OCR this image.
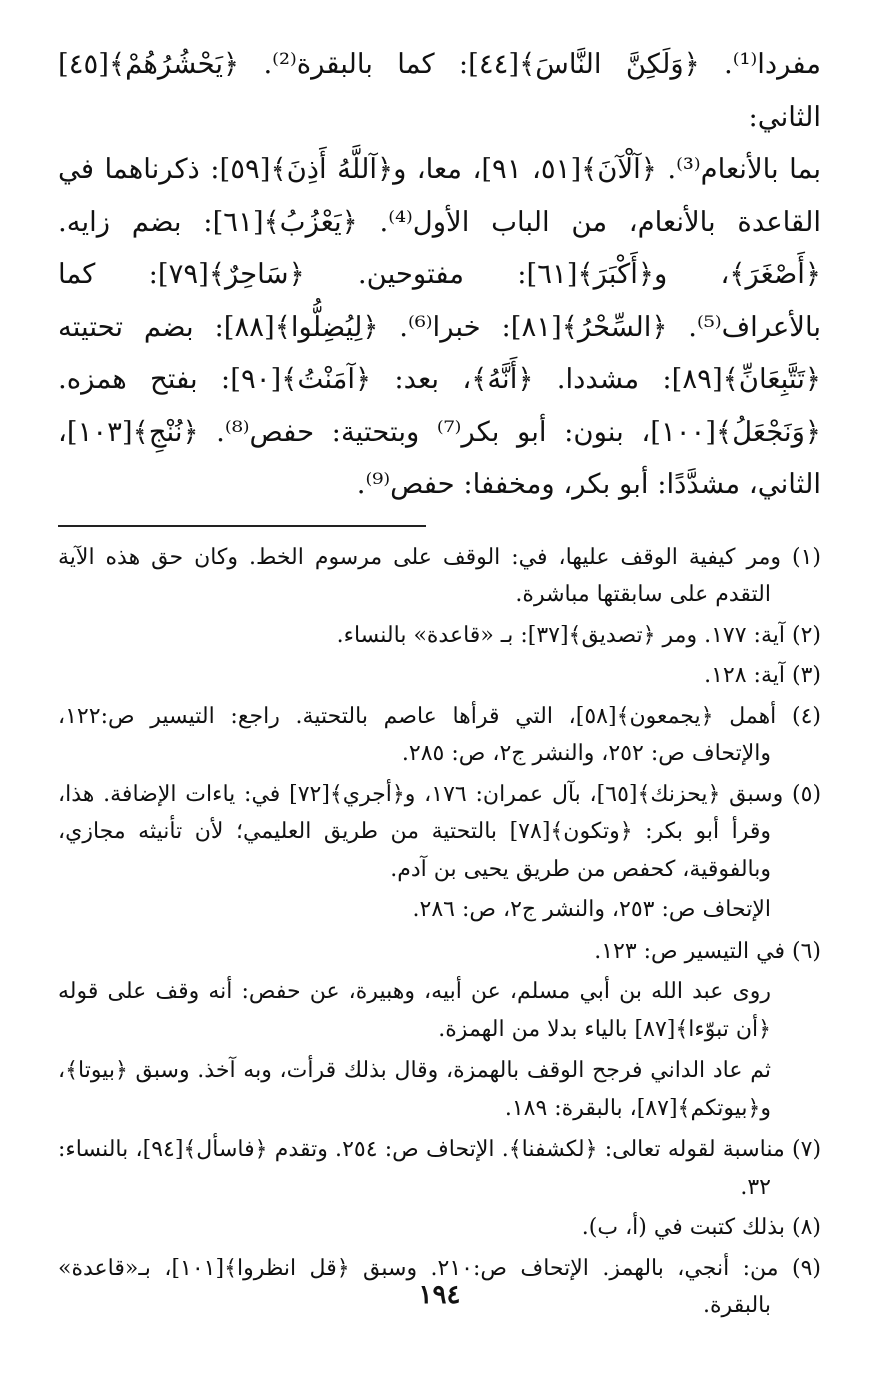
مفردا⁽¹⁾. ﴿وَلَكِنَّ النَّاسَ﴾[٤٤]: كما بالبقرة⁽²⁾. ﴿يَحْشُرُهُمْ﴾[٤٥] الثاني:

بما بالأنعام⁽³⁾. ﴿آلْآنَ﴾[٥١، ٩١]، معا، و﴿آللَّهُ أَذِنَ﴾[٥٩]: ذكرناهما في

القاعدة بالأنعام، من الباب الأول⁽⁴⁾. ﴿يَعْزُبُ﴾[٦١]: بضم زايه.

﴿أَصْغَرَ﴾، و﴿أَكْبَرَ﴾[٦١]: مفتوحين. ﴿سَاحِرٌ﴾[٧٩]: كما

بالأعراف⁽⁵⁾. ﴿السِّحْرُ﴾[٨١]: خبرا⁽⁶⁾. ﴿لِيُضِلُّوا﴾[٨٨]: بضم تحتيته

﴿تَتَّبِعَانِّ﴾[٨٩]: مشددا. ﴿أَنَّهُ﴾، بعد: ﴿آمَنْتُ﴾[٩٠]: بفتح همزه.

﴿وَنَجْعَلُ﴾[١٠٠]، بنون: أبو بكر⁽⁷⁾ وبتحتية: حفص⁽⁸⁾. ﴿نُنْجِ﴾[١٠٣]،

الثاني، مشدَّدًا: أبو بكر، ومخففا: حفص⁽⁹⁾.

(١) ومر كيفية الوقف عليها، في: الوقف على مرسوم الخط. وكان حق هذه الآية التقدم على سابقتها مباشرة.

(٢) آية: ١٧٧. ومر ﴿تصديق﴾[٣٧]: بـ «قاعدة» بالنساء.

(٣) آية: ١٢٨.

(٤) أهمل ﴿يجمعون﴾[٥٨]، التي قرأها عاصم بالتحتية. راجع: التيسير ص:١٢٢، والإتحاف ص: ٢٥٢، والنشر ج٢، ص: ٢٨٥.

(٥) وسبق ﴿يحزنك﴾[٦٥]، بآل عمران: ١٧٦، و﴿أجري﴾[٧٢] في: ياءات الإضافة. هذا، وقرأ أبو بكر: ﴿وتكون﴾[٧٨] بالتحتية من طريق العليمي؛ لأن تأنيثه مجازي، وبالفوقية، كحفص من طريق يحيى بن آدم.

الإتحاف ص: ٢٥٣، والنشر ج٢، ص: ٢٨٦.

(٦) في التيسير ص: ١٢٣.

روى عبد الله بن أبي مسلم، عن أبيه، وهبيرة، عن حفص: أنه وقف على قوله ﴿أن تبوّءا﴾[٨٧] بالياء بدلا من الهمزة.

ثم عاد الداني فرجح الوقف بالهمزة، وقال بذلك قرأت، وبه آخذ. وسبق ﴿بيوتا﴾، و﴿بيوتكم﴾[٨٧]، بالبقرة: ١٨٩.

(٧) مناسبة لقوله تعالى: ﴿لكشفنا﴾. الإتحاف ص: ٢٥٤. وتقدم ﴿فاسأل﴾[٩٤]، بالنساء: ٣٢.

(٨) بذلك كتبت في (أ، ب).

(٩) من: أنجي، بالهمز. الإتحاف ص:٢١٠. وسبق ﴿قل انظروا﴾[١٠١]، بـ«قاعدة» بالبقرة.

١٩٤
